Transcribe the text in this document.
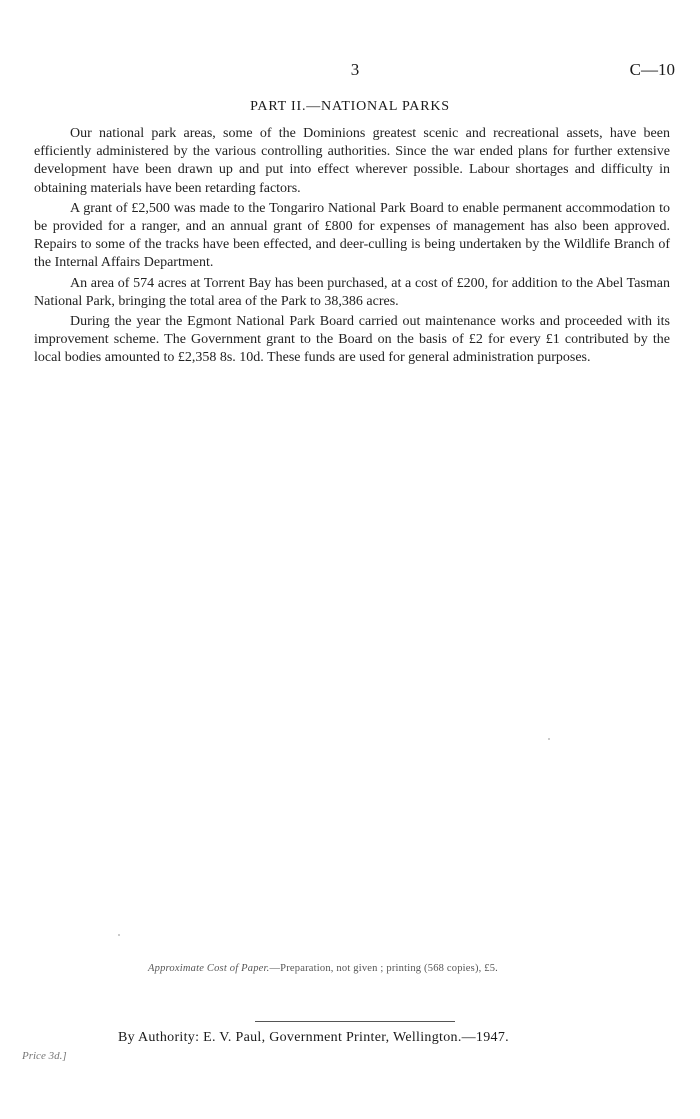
3	C—10
PART II.—NATIONAL PARKS

Our national park areas, some of the Dominions greatest scenic and recreational assets, have been efficiently administered by the various controlling authorities. Since the war ended plans for further extensive development have been drawn up and put into effect wherever possible. Labour shortages and difficulty in obtaining materials have been retarding factors.

A grant of £2,500 was made to the Tongariro National Park Board to enable permanent accommodation to be provided for a ranger, and an annual grant of £800 for expenses of management has also been approved. Repairs to some of the tracks have been effected, and deer-culling is being undertaken by the Wildlife Branch of the Internal Affairs Department.

An area of 574 acres at Torrent Bay has been purchased, at a cost of £200, for addition to the Abel Tasman National Park, bringing the total area of the Park to 38,386 acres.

During the year the Egmont National Park Board carried out maintenance works and proceeded with its improvement scheme. The Government grant to the Board on the basis of £2 for every £1 contributed by the local bodies amounted to £2,358 8s. 10d. These funds are used for general administration purposes.

Approximate Cost of Paper.—Preparation, not given ; printing (568 copies), £5.
By Authority: E. V. Paul, Government Printer, Wellington.—1947.
Price 3d.]
